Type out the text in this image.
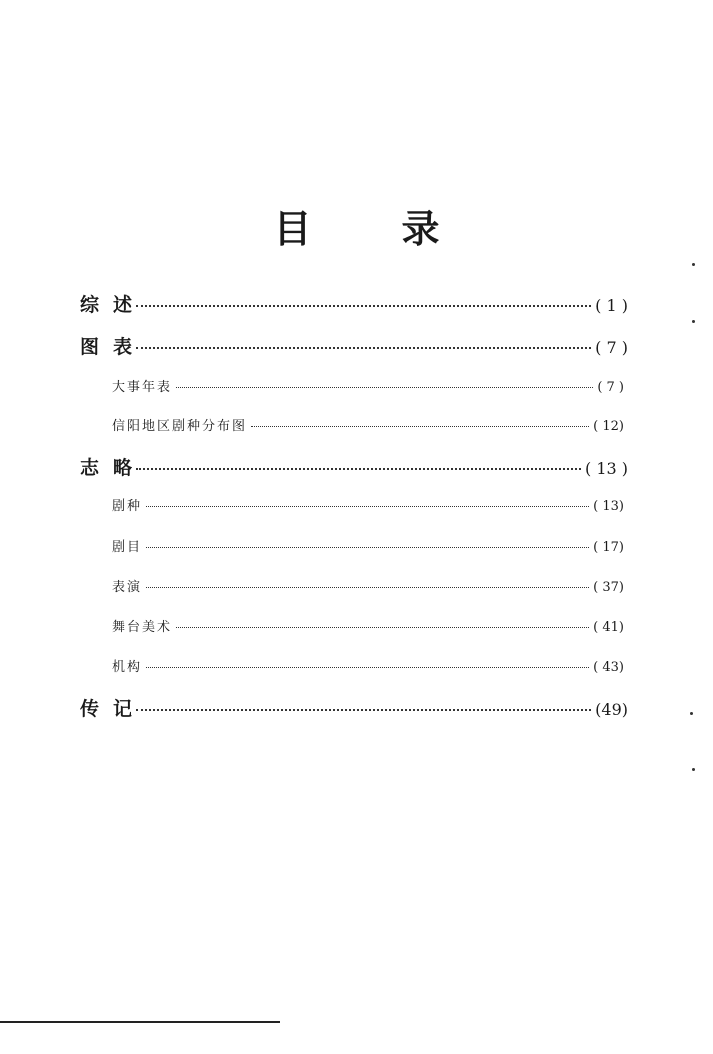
目 录
综 述	( 1 )
图 表	( 7 )
大事年表	( 7 )
信阳地区剧种分布图	( 12)
志 略	( 13 )
剧种	( 13)
剧目	( 17)
表演	( 37)
舞台美术	( 41)
机构	( 43)
传 记	(49)
